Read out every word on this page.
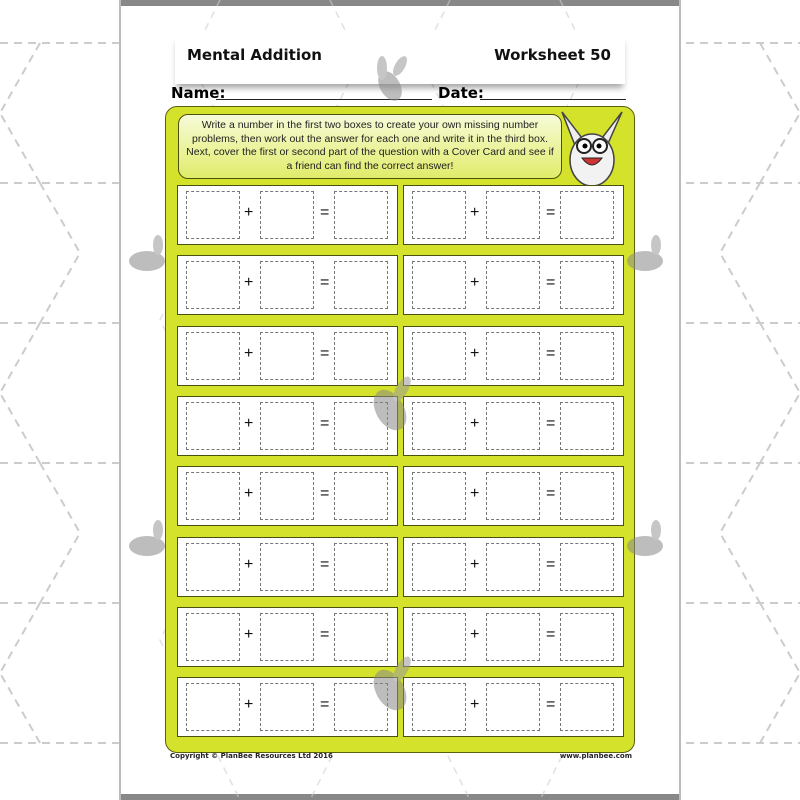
Mental Addition	Worksheet 50
Name:	Date:
Write a number in the first two boxes to create your own missing number problems, then work out the answer for each one and write it in the third box. Next, cover the first or second part of the question with a Cover Card and see if a friend can find the correct answer!
+	=	+	=
+	=	+	=
+	=	+	=
+	=	+	=
+	=	+	=
+	=	+	=
+	=	+	=
+	=	+	=
Copyright © PlanBee Resources Ltd 2016	www.planbee.com
